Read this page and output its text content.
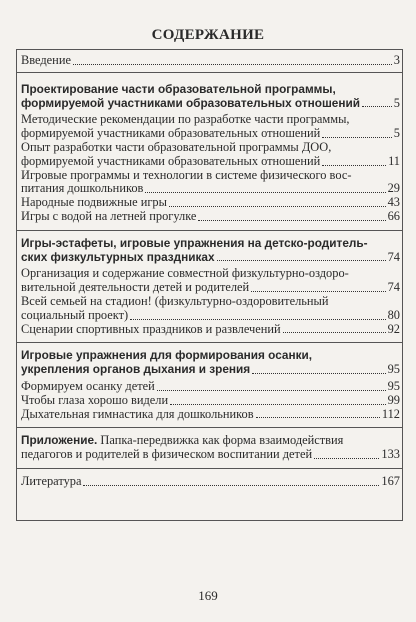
СОДЕРЖАНИЕ
Введение	3
Проектирование части образовательной программы,
формируемой участниками образовательных отношений	5
Методические рекомендации по разработке части программы,
формируемой участниками образовательных отношений	5
Опыт разработки части образовательной программы ДОО,
формируемой участниками образовательных отношений	11
Игровые программы и технологии в системе физического вос-
питания дошкольников	29
Народные подвижные игры	43
Игры с водой на летней прогулке	66
Игры-эстафеты, игровые упражнения на детско-родитель-
ских физкультурных праздниках	74
Организация и содержание совместной физкультурно-оздоро-
вительной деятельности детей и родителей	74
Всей семьей на стадион! (физкультурно-оздоровительный
социальный проект)	80
Сценарии спортивных праздников и развлечений	92
Игровые упражнения для формирования осанки,
укрепления органов дыхания и зрения	95
Формируем осанку детей	95
Чтобы глаза хорошо видели	99
Дыхательная гимнастика для дошкольников	112
Приложение. Папка-передвижка как форма взаимодействия
педагогов и родителей в физическом воспитании детей	133
Литература	167
169
